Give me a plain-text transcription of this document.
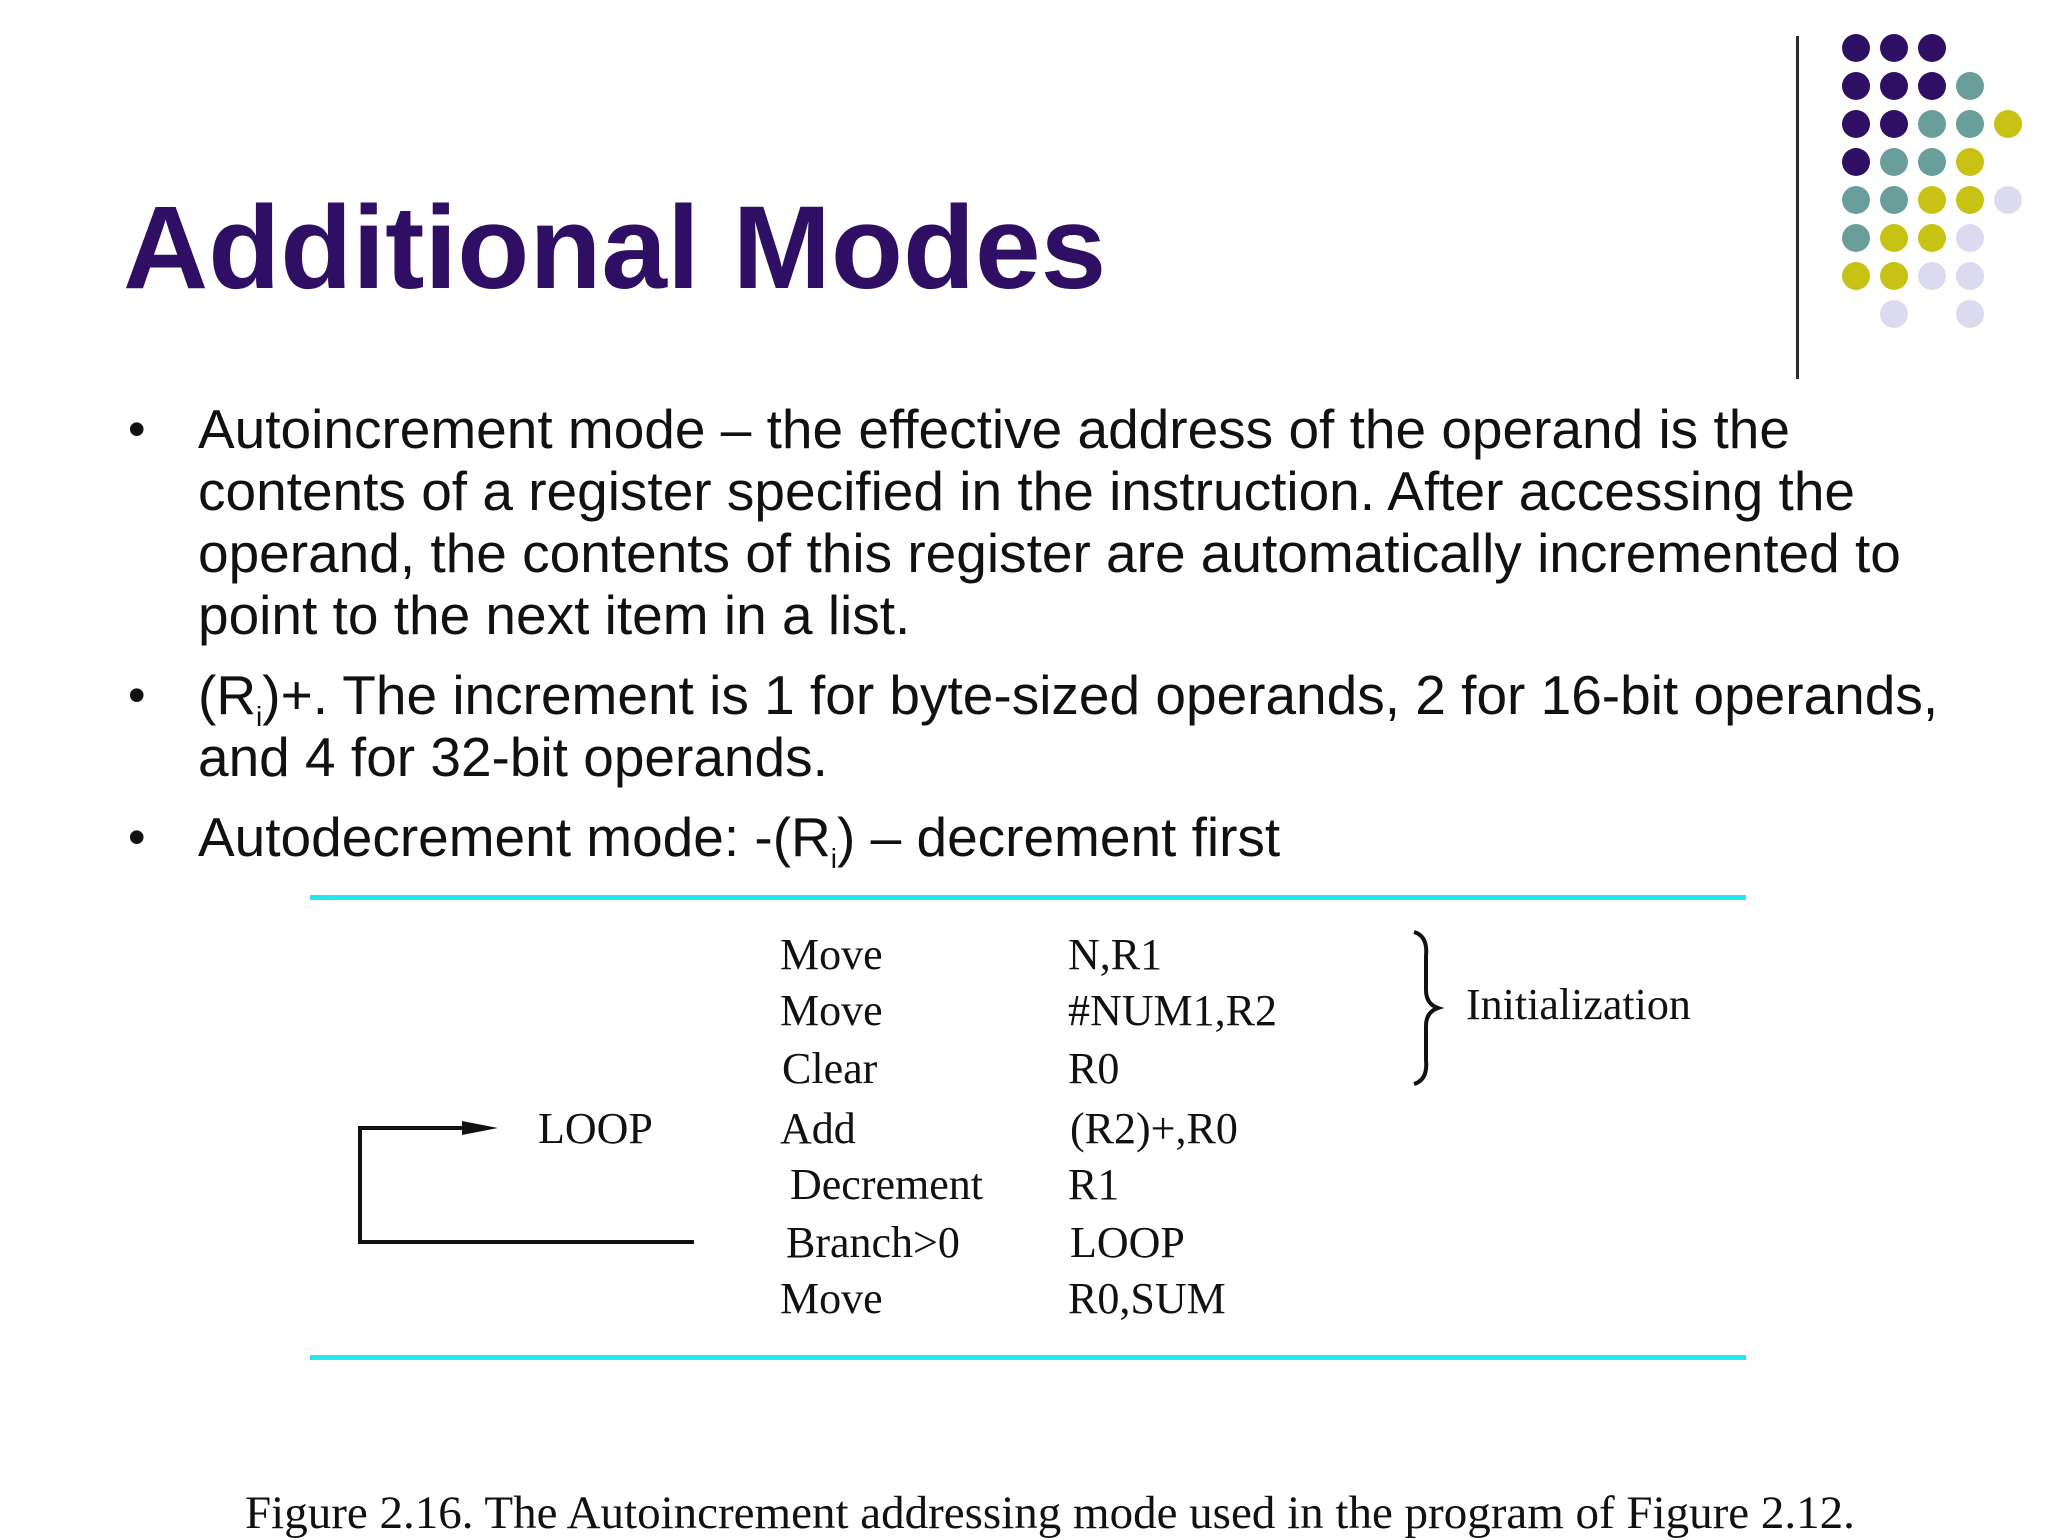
Additional Modes
• Autoincrement mode – the effective address of the operand is the contents of a register specified in the instruction. After accessing the operand, the contents of this register are automatically incremented to point to the next item in a list.
• $(R_i)+$. The increment is 1 for byte-sized operands, 2 for 16-bit operands, and 4 for 32-bit operands.
• Autodecrement mode: $-(R_i)$ – decrement first
Move	N,R1
Move	#NUM1,R2
Clear	R0
LOOP	Add	(R2)+,R0
Decrement R1
Branch>0	LOOP
Move	R0,SUM
Initialization
Figure 2.16. The Autoincrement addressing mode used in the program of Figure 2.12.
